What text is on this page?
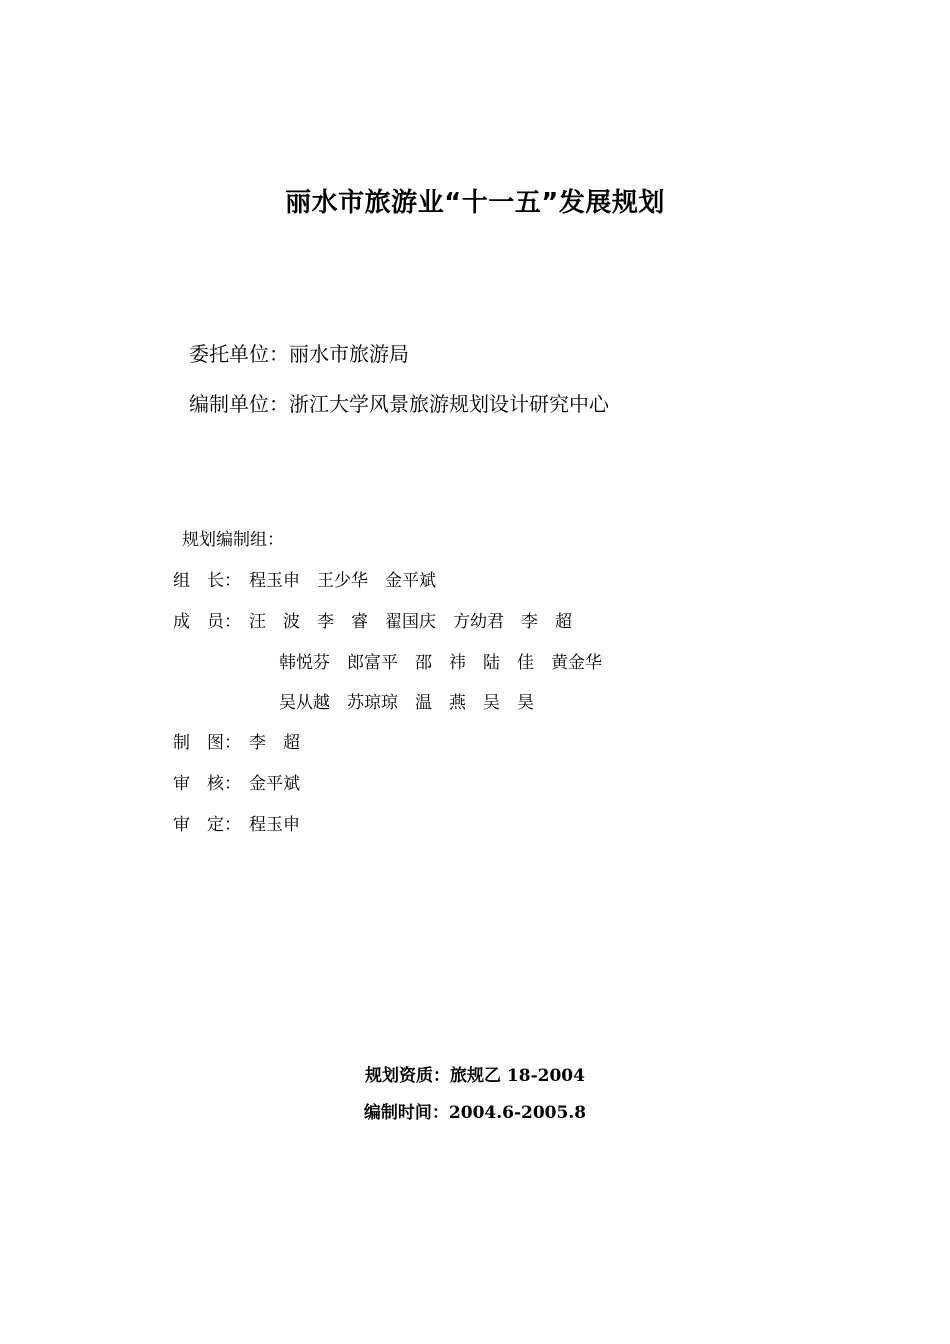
丽水市旅游业“十一五”发展规划
委托单位：丽水市旅游局
编制单位：浙江大学风景旅游规划设计研究中心
规划编制组：
组　长： 程玉申　王少华　金平斌
成　员： 汪　波　李　睿　翟国庆　方幼君　李　超
韩悦芬　郎富平　邵　祎　陆　佳　黄金华
吴从越　苏琼琼　温　燕　吴　昊
制　图： 李　超
审　核： 金平斌
审　定： 程玉申
规划资质：旅规乙 18-2004
编制时间：2004.6-2005.8
